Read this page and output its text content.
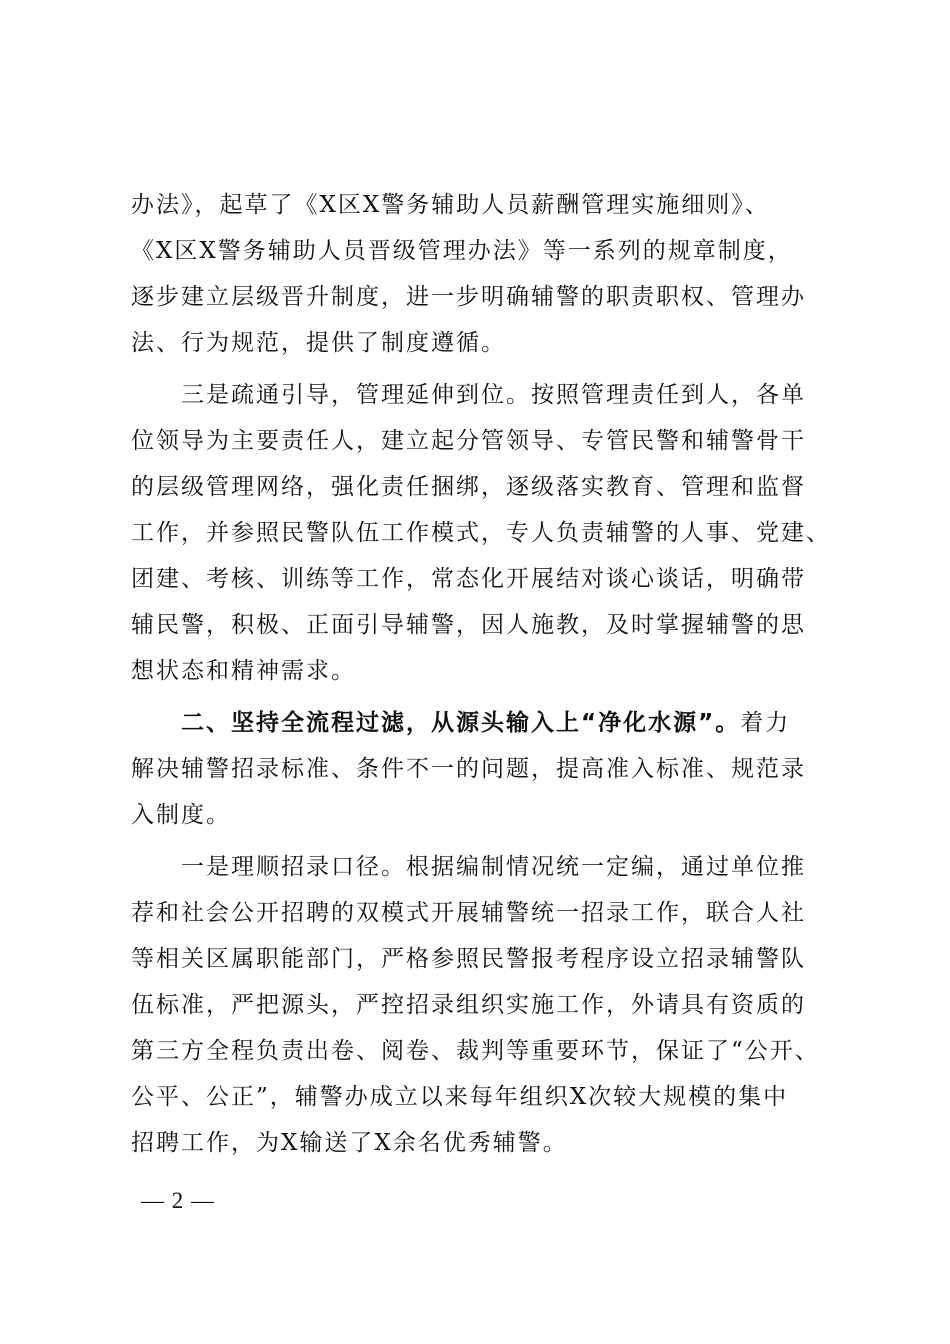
办法》，起草了《X区X警务辅助人员薪酬管理实施细则》、
《X区X警务辅助人员晋级管理办法》等一系列的规章制度，
逐步建立层级晋升制度，进一步明确辅警的职责职权、管理办
法、行为规范，提供了制度遵循。
三是疏通引导，管理延伸到位。按照管理责任到人，各单
位领导为主要责任人，建立起分管领导、专管民警和辅警骨干
的层级管理网络，强化责任捆绑，逐级落实教育、管理和监督
工作，并参照民警队伍工作模式，专人负责辅警的人事、党建、
团建、考核、训练等工作，常态化开展结对谈心谈话，明确带
辅民警，积极、正面引导辅警，因人施教，及时掌握辅警的思
想状态和精神需求。
二、坚持全流程过滤，从源头输入上“净化水源”。着力
解决辅警招录标准、条件不一的问题，提高准入标准、规范录
入制度。
一是理顺招录口径。根据编制情况统一定编，通过单位推
荐和社会公开招聘的双模式开展辅警统一招录工作，联合人社
等相关区属职能部门，严格参照民警报考程序设立招录辅警队
伍标准，严把源头，严控招录组织实施工作，外请具有资质的
第三方全程负责出卷、阅卷、裁判等重要环节，保证了“公开、
公平、公正”，辅警办成立以来每年组织X次较大规模的集中
招聘工作，为X输送了X余名优秀辅警。
— 2 —
